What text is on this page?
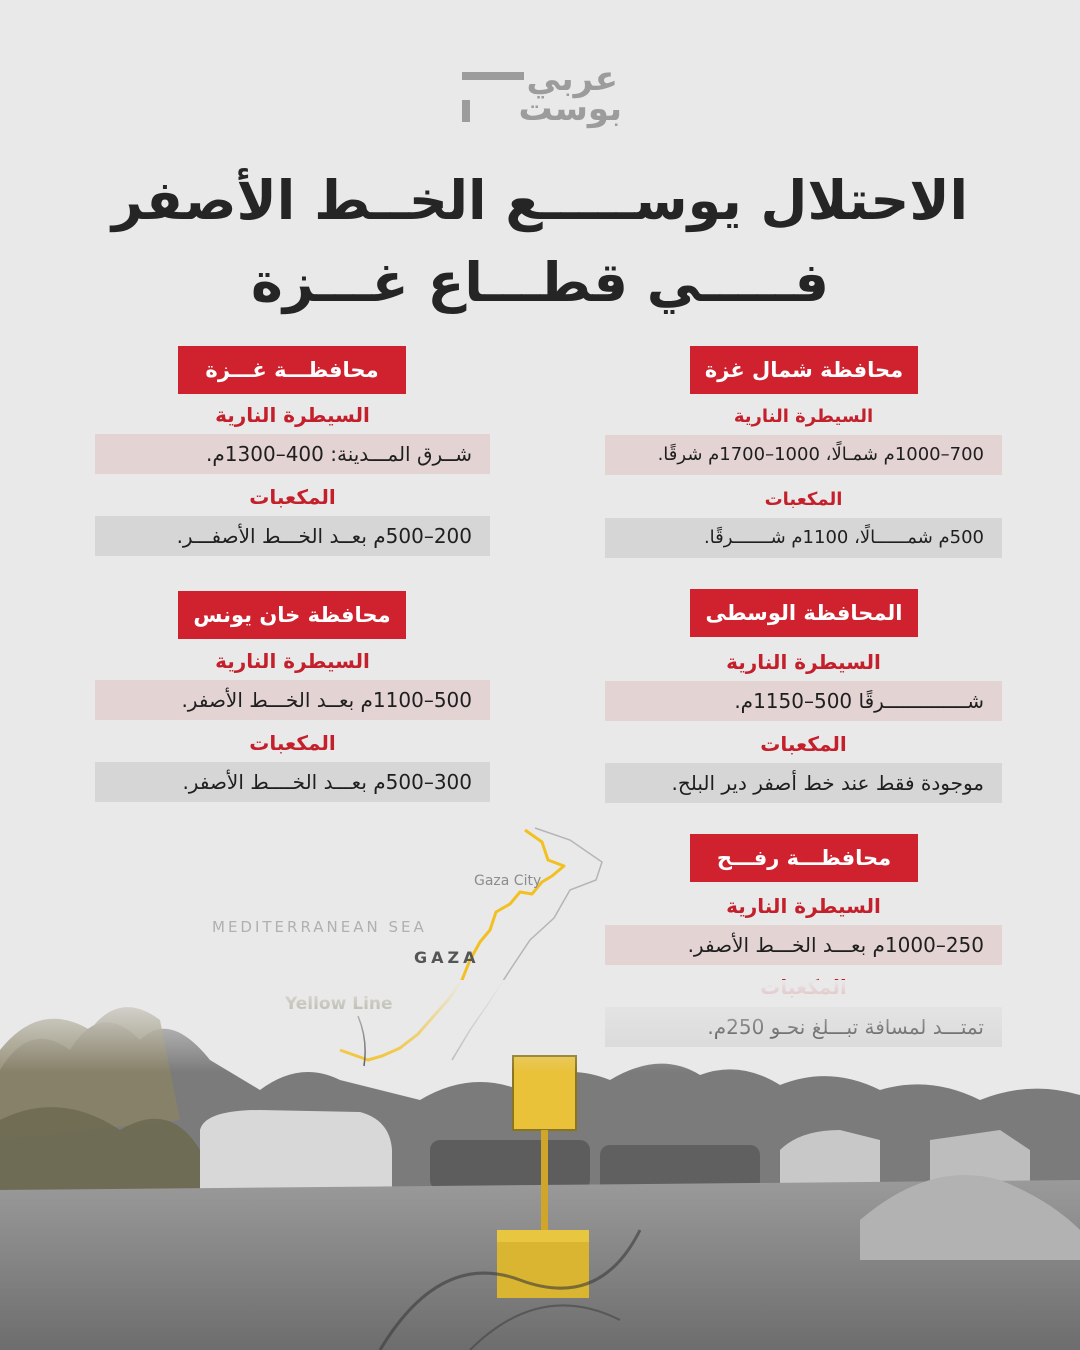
عربي
بوست
الاحتلال يوســـــع الخــط الأصفر
فـــــي قطـــاع غـــزة
محافظة شمال غزة
السيطرة النارية
700–1000م شمـالًا، 1000–1700م شرقًا.
المكعبات
500م شمــــــالًا، 1100م شـــــــرقًا.
محافظـــة غـــزة
السيطرة النارية
شــرق المـــدينة: 400–1300م.
المكعبات
200–500م بعــد الخـــط الأصفـــر.
المحافظة الوسطى
السيطرة النارية
شــــــــــــــرقًا 500–1150م.
المكعبات
موجودة فقط عند خط أصفر دير البلح.
محافظة خان يونس
السيطرة النارية
500–1100م بعــد الخـــط الأصفر.
المكعبات
300–500م بعـــد الخــــط الأصفر.
محافظـــة رفـــح
السيطرة النارية
250–1000م بعـــد الخـــط الأصفر.
Gaza City
MEDITERRANEAN SEA
GAZA
